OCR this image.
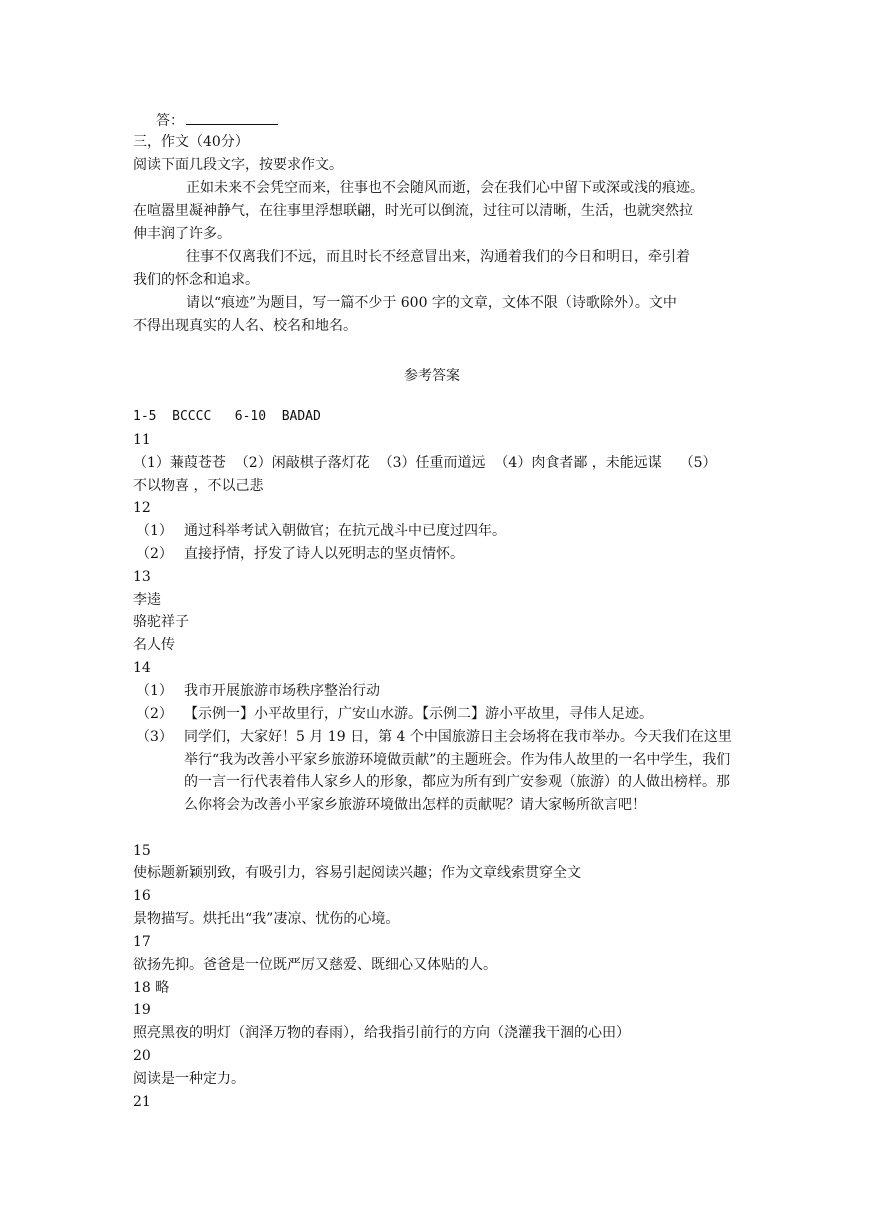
答：
三，作文（40分）
阅读下面几段文字，按要求作文。
正如未来不会凭空而来，往事也不会随风而逝，会在我们心中留下或深或浅的痕迹。
在喧嚣里凝神静气，在往事里浮想联翩，时光可以倒流，过往可以清晰，生活，也就突然拉
伸丰润了许多。
往事不仅离我们不远，而且时长不经意冒出来，沟通着我们的今日和明日，牵引着
我们的怀念和追求。
请以“痕迹”为题目，写一篇不少于 600 字的文章，文体不限（诗歌除外）。文中
不得出现真实的人名、校名和地名。
参考答案
1-5  BCCCC   6-10  BADAD
11
（1）蒹葭苍苍  （2）闲敲棋子落灯花  （3）任重而道远  （4）肉食者鄙 ，未能远谋    （5）
不以物喜 ，不以己悲
12
（1） 通过科举考试入朝做官；在抗元战斗中已度过四年。
（2） 直接抒情，抒发了诗人以死明志的坚贞情怀。
13
李逵
骆驼祥子
名人传
14
（1） 我市开展旅游市场秩序整治行动
（2） 【示例一】小平故里行，广安山水游。【示例二】游小平故里，寻伟人足迹。
（3） 同学们，大家好！5 月 19 日，第 4 个中国旅游日主会场将在我市举办。今天我们在这里举行“我为改善小平家乡旅游环境做贡献”的主题班会。作为伟人故里的一名中学生，我们的一言一行代表着伟人家乡人的形象，都应为所有到广安参观（旅游）的人做出榜样。那么你将会为改善小平家乡旅游环境做出怎样的贡献呢？请大家畅所欲言吧！
15
使标题新颖别致，有吸引力，容易引起阅读兴趣；作为文章线索贯穿全文
16
景物描写。烘托出“我”凄凉、忧伤的心境。
17
欲扬先抑。爸爸是一位既严厉又慈爱、既细心又体贴的人。
18 略
19
照亮黑夜的明灯（润泽万物的春雨），给我指引前行的方向（浇灌我干涸的心田）
20
阅读是一种定力。
21
